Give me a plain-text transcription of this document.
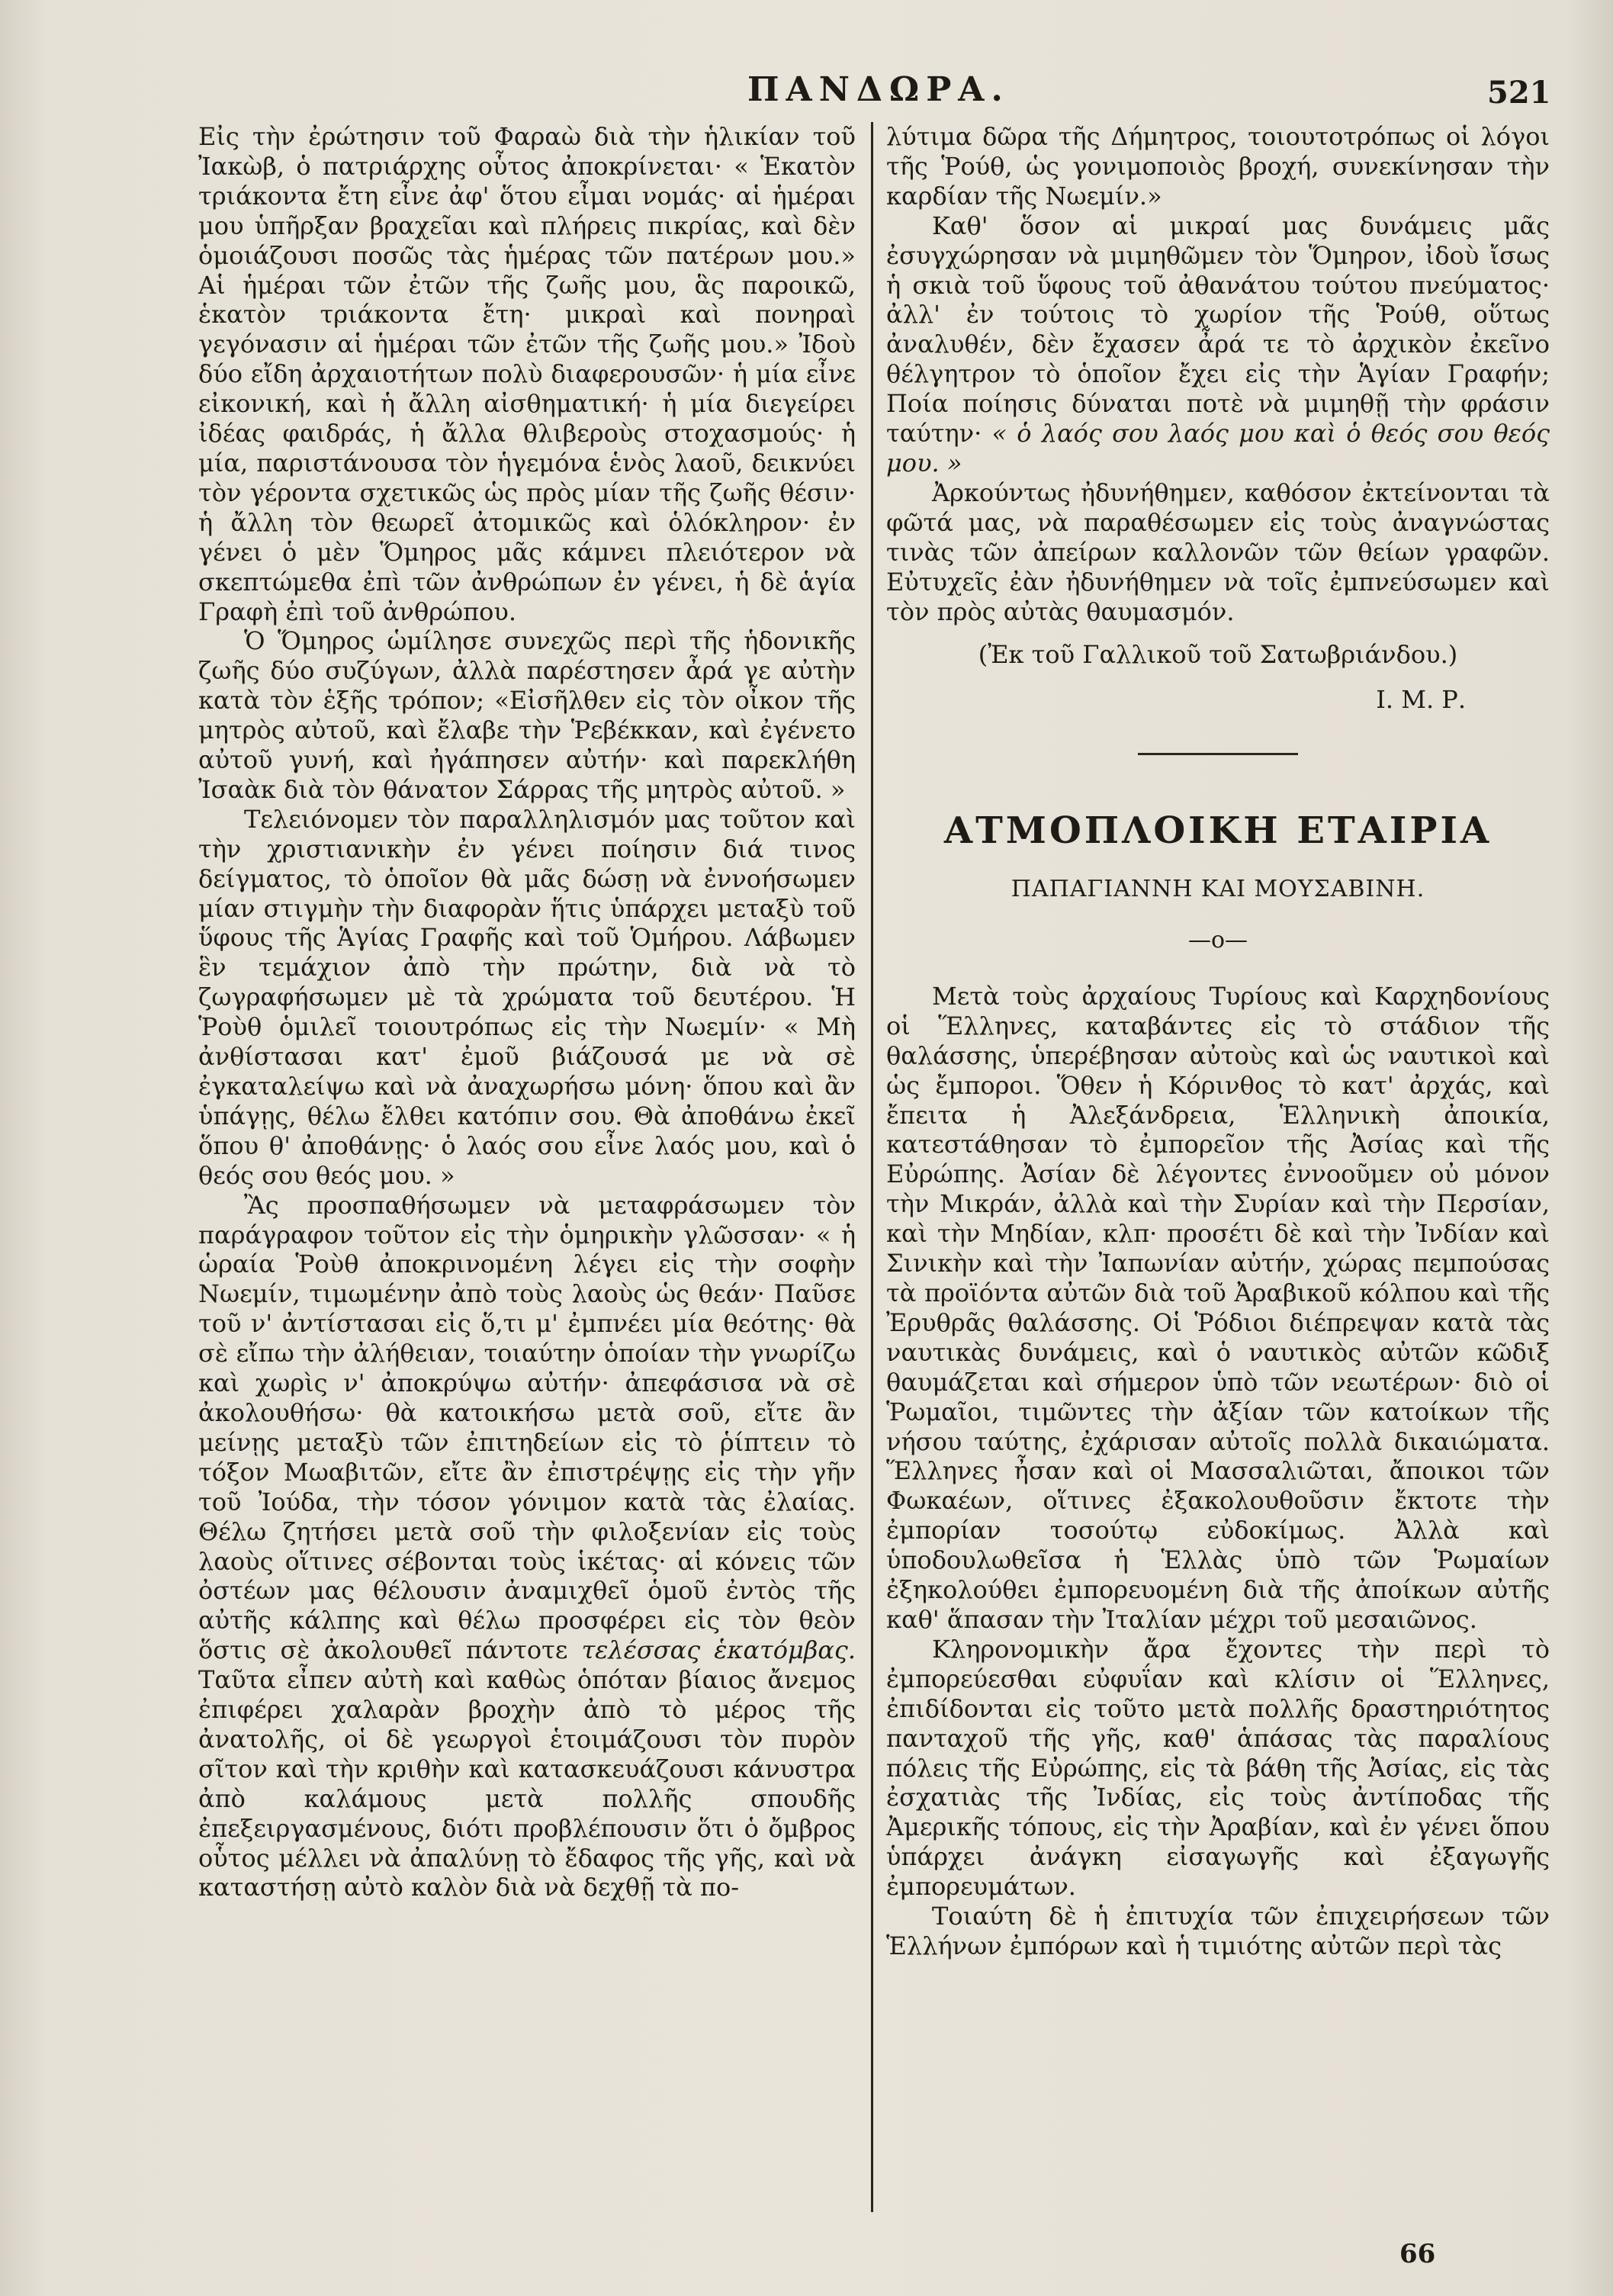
ΠΑΝΔΩΡΑ.	521

Εἰς τὴν ἐρώτησιν τοῦ Φαραὼ διὰ τὴν ἡλικίαν τοῦ Ἰακὼβ, ὁ πατριάρχης οὗτος ἀποκρίνεται· « Ἑκατὸν τριάκοντα ἔτη εἶνε ἀφ' ὅτου εἶμαι νομάς· αἱ ἡμέραι μου ὑπῆρξαν βραχεῖαι καὶ πλήρεις πικρίας, καὶ δὲν ὁμοιάζουσι ποσῶς τὰς ἡμέρας τῶν πατέρων μου.» Αἱ ἡμέραι τῶν ἐτῶν τῆς ζωῆς μου, ἃς παροικῶ, ἑκατὸν τριάκοντα ἔτη· μικραὶ καὶ πονηραὶ γεγόνασιν αἱ ἡμέραι τῶν ἐτῶν τῆς ζωῆς μου.» Ἰδοὺ δύο εἴδη ἀρχαιοτήτων πολὺ διαφερουσῶν· ἡ μία εἶνε εἰκονική, καὶ ἡ ἄλλη αἰσθηματική· ἡ μία διεγείρει ἰδέας φαιδράς, ἡ ἄλλα θλιβεροὺς στοχασμούς· ἡ μία, παριστάνουσα τὸν ἡγεμόνα ἑνὸς λαοῦ, δεικνύει τὸν γέροντα σχετικῶς ὡς πρὸς μίαν τῆς ζωῆς θέσιν· ἡ ἄλλη τὸν θεωρεῖ ἀτομικῶς καὶ ὁλόκληρον· ἐν γένει ὁ μὲν Ὅμηρος μᾶς κάμνει πλειότερον νὰ σκεπτώμεθα ἐπὶ τῶν ἀνθρώπων ἐν γένει, ἡ δὲ ἁγία Γραφὴ ἐπὶ τοῦ ἀνθρώπου.

Ὁ Ὅμηρος ὡμίλησε συνεχῶς περὶ τῆς ἡδονικῆς ζωῆς δύο συζύγων, ἀλλὰ παρέστησεν ἆρά γε αὐτὴν κατὰ τὸν ἑξῆς τρόπον; «Εἰσῆλθεν εἰς τὸν οἶκον τῆς μητρὸς αὐτοῦ, καὶ ἔλαβε τὴν Ῥεβέκκαν, καὶ ἐγένετο αὐτοῦ γυνή, καὶ ἠγάπησεν αὐτήν· καὶ παρεκλήθη Ἰσαὰκ διὰ τὸν θάνατον Σάρρας τῆς μητρὸς αὐτοῦ. »

Τελειόνομεν τὸν παραλληλισμόν μας τοῦτον καὶ τὴν χριστιανικὴν ἐν γένει ποίησιν διά τινος δείγματος, τὸ ὁποῖον θὰ μᾶς δώσῃ νὰ ἐννοήσωμεν μίαν στιγμὴν τὴν διαφορὰν ἥτις ὑπάρχει μεταξὺ τοῦ ὕφους τῆς Ἁγίας Γραφῆς καὶ τοῦ Ὁμήρου. Λάβωμεν ἓν τεμάχιον ἀπὸ τὴν πρώτην, διὰ νὰ τὸ ζωγραφήσωμεν μὲ τὰ χρώματα τοῦ δευτέρου. Ἡ Ῥοὺθ ὁμιλεῖ τοιουτρόπως εἰς τὴν Νωεμίν· « Μὴ ἀνθίστασαι κατ' ἐμοῦ βιάζουσά με νὰ σὲ ἐγκαταλείψω καὶ νὰ ἀναχωρήσω μόνη· ὅπου καὶ ἂν ὑπάγῃς, θέλω ἔλθει κατόπιν σου. Θὰ ἀποθάνω ἐκεῖ ὅπου θ' ἀποθάνῃς· ὁ λαός σου εἶνε λαός μου, καὶ ὁ θεός σου θεός μου. »

Ἂς προσπαθήσωμεν νὰ μεταφράσωμεν τὸν παράγραφον τοῦτον εἰς τὴν ὁμηρικὴν γλῶσσαν· « ἡ ὡραία Ῥοὺθ ἀποκρινομένη λέγει εἰς τὴν σοφὴν Νωεμίν, τιμωμένην ἀπὸ τοὺς λαοὺς ὡς θεάν· Παῦσε τοῦ ν' ἀντίστασαι εἰς ὅ,τι μ' ἐμπνέει μία θεότης· θὰ σὲ εἴπω τὴν ἀλήθειαν, τοιαύτην ὁποίαν τὴν γνωρίζω καὶ χωρὶς ν' ἀποκρύψω αὐτήν· ἀπεφάσισα νὰ σὲ ἀκολουθήσω· θὰ κατοικήσω μετὰ σοῦ, εἴτε ἂν μείνῃς μεταξὺ τῶν ἐπιτηδείων εἰς τὸ ῥίπτειν τὸ τόξον Μωαβιτῶν, εἴτε ἂν ἐπιστρέψῃς εἰς τὴν γῆν τοῦ Ἰούδα, τὴν τόσον γόνιμον κατὰ τὰς ἐλαίας. Θέλω ζητήσει μετὰ σοῦ τὴν φιλοξενίαν εἰς τοὺς λαοὺς οἵτινες σέβονται τοὺς ἱκέτας· αἱ κόνεις τῶν ὀστέων μας θέλουσιν ἀναμιχθεῖ ὁμοῦ ἐντὸς τῆς αὐτῆς κάλπης καὶ θέλω προσφέρει εἰς τὸν θεὸν ὅστις σὲ ἀκολουθεῖ πάντοτε τελέσσας ἑκατόμβας. Ταῦτα εἶπεν αὐτὴ καὶ καθὼς ὁπόταν βίαιος ἄνεμος ἐπιφέρει χαλαρὰν βροχὴν ἀπὸ τὸ μέρος τῆς ἀνατολῆς, οἱ δὲ γεωργοὶ ἑτοιμάζουσι τὸν πυρὸν σῖτον καὶ τὴν κριθὴν καὶ κατασκευάζουσι κάνυστρα ἀπὸ καλάμους μετὰ πολλῆς σπουδῆς ἐπεξειργασμένους, διότι προβλέπουσιν ὅτι ὁ ὄμβρος οὗτος μέλλει νὰ ἀπαλύνῃ τὸ ἔδαφος τῆς γῆς, καὶ νὰ καταστήσῃ αὐτὸ καλὸν διὰ νὰ δεχθῇ τὰ πο-

λύτιμα δῶρα τῆς Δήμητρος, τοιουτοτρόπως οἱ λόγοι τῆς Ῥούθ, ὡς γονιμοποιὸς βροχή, συνεκίνησαν τὴν καρδίαν τῆς Νωεμίν.»

Καθ' ὅσον αἱ μικραί μας δυνάμεις μᾶς ἐσυγχώρησαν νὰ μιμηθῶμεν τὸν Ὅμηρον, ἰδοὺ ἴσως ἡ σκιὰ τοῦ ὕφους τοῦ ἀθανάτου τούτου πνεύματος· ἀλλ' ἐν τούτοις τὸ χωρίον τῆς Ῥούθ, οὕτως ἀναλυθέν, δὲν ἔχασεν ἆρά τε τὸ ἀρχικὸν ἐκεῖνο θέλγητρον τὸ ὁποῖον ἔχει εἰς τὴν Ἁγίαν Γραφήν; Ποία ποίησις δύναται ποτὲ νὰ μιμηθῇ τὴν φράσιν ταύτην· « ὁ λαός σου λαός μου καὶ ὁ θεός σου θεός μου. »

Ἀρκούντως ἠδυνήθημεν, καθόσον ἐκτείνονται τὰ φῶτά μας, νὰ παραθέσωμεν εἰς τοὺς ἀναγνώστας τινὰς τῶν ἀπείρων καλλονῶν τῶν θείων γραφῶν. Εὐτυχεῖς ἐὰν ἠδυνήθημεν νὰ τοῖς ἐμπνεύσωμεν καὶ τὸν πρὸς αὐτὰς θαυμασμόν.

(Ἐκ τοῦ Γαλλικοῦ τοῦ Σατωβριάνδου.)
Ι. Μ. Ρ.
ΑΤΜΟΠΛΟΙΚΗ ΕΤΑΙΡΙΑ
ΠΑΠΑΓΙΑΝΝΗ ΚΑΙ ΜΟΥΣΑΒΙΝΗ.
—o—

Μετὰ τοὺς ἀρχαίους Τυρίους καὶ Καρχηδονίους οἱ Ἕλληνες, καταβάντες εἰς τὸ στάδιον τῆς θαλάσσης, ὑπερέβησαν αὐτοὺς καὶ ὡς ναυτικοὶ καὶ ὡς ἔμποροι. Ὅθεν ἡ Κόρινθος τὸ κατ' ἀρχάς, καὶ ἔπειτα ἡ Ἀλεξάνδρεια, Ἑλληνικὴ ἀποικία, κατεστάθησαν τὸ ἐμπορεῖον τῆς Ἀσίας καὶ τῆς Εὐρώπης. Ἀσίαν δὲ λέγοντες ἐννοοῦμεν οὐ μόνον τὴν Μικράν, ἀλλὰ καὶ τὴν Συρίαν καὶ τὴν Περσίαν, καὶ τὴν Μηδίαν, κλπ· προσέτι δὲ καὶ τὴν Ἰνδίαν καὶ Σινικὴν καὶ τὴν Ἰαπωνίαν αὐτήν, χώρας πεμπούσας τὰ προϊόντα αὐτῶν διὰ τοῦ Ἀραβικοῦ κόλπου καὶ τῆς Ἐρυθρᾶς θαλάσσης. Οἱ Ῥόδιοι διέπρεψαν κατὰ τὰς ναυτικὰς δυνάμεις, καὶ ὁ ναυτικὸς αὐτῶν κῶδιξ θαυμάζεται καὶ σήμερον ὑπὸ τῶν νεωτέρων· διὸ οἱ Ῥωμαῖοι, τιμῶντες τὴν ἀξίαν τῶν κατοίκων τῆς νήσου ταύτης, ἐχάρισαν αὐτοῖς πολλὰ δικαιώματα. Ἕλληνες ἦσαν καὶ οἱ Μασσαλιῶται, ἄποικοι τῶν Φωκαέων, οἵτινες ἐξακολουθοῦσιν ἔκτοτε τὴν ἐμπορίαν τοσούτῳ εὐδοκίμως. Ἀλλὰ καὶ ὑποδουλωθεῖσα ἡ Ἑλλὰς ὑπὸ τῶν Ῥωμαίων ἐξηκολούθει ἐμπορευομένη διὰ τῆς ἀποίκων αὐτῆς καθ' ἅπασαν τὴν Ἰταλίαν μέχρι τοῦ μεσαιῶνος.

Κληρονομικὴν ἄρα ἔχοντες τὴν περὶ τὸ ἐμπορεύεσθαι εὐφυΐαν καὶ κλίσιν οἱ Ἕλληνες, ἐπιδίδονται εἰς τοῦτο μετὰ πολλῆς δραστηριότητος πανταχοῦ τῆς γῆς, καθ' ἁπάσας τὰς παραλίους πόλεις τῆς Εὐρώπης, εἰς τὰ βάθη τῆς Ἀσίας, εἰς τὰς ἐσχατιὰς τῆς Ἰνδίας, εἰς τοὺς ἀντίποδας τῆς Ἀμερικῆς τόπους, εἰς τὴν Ἀραβίαν, καὶ ἐν γένει ὅπου ὑπάρχει ἀνάγκη εἰσαγωγῆς καὶ ἐξαγωγῆς ἐμπορευμάτων.

Τοιαύτη δὲ ἡ ἐπιτυχία τῶν ἐπιχειρήσεων τῶν Ἑλλήνων ἐμπόρων καὶ ἡ τιμιότης αὐτῶν περὶ τὰς

66
